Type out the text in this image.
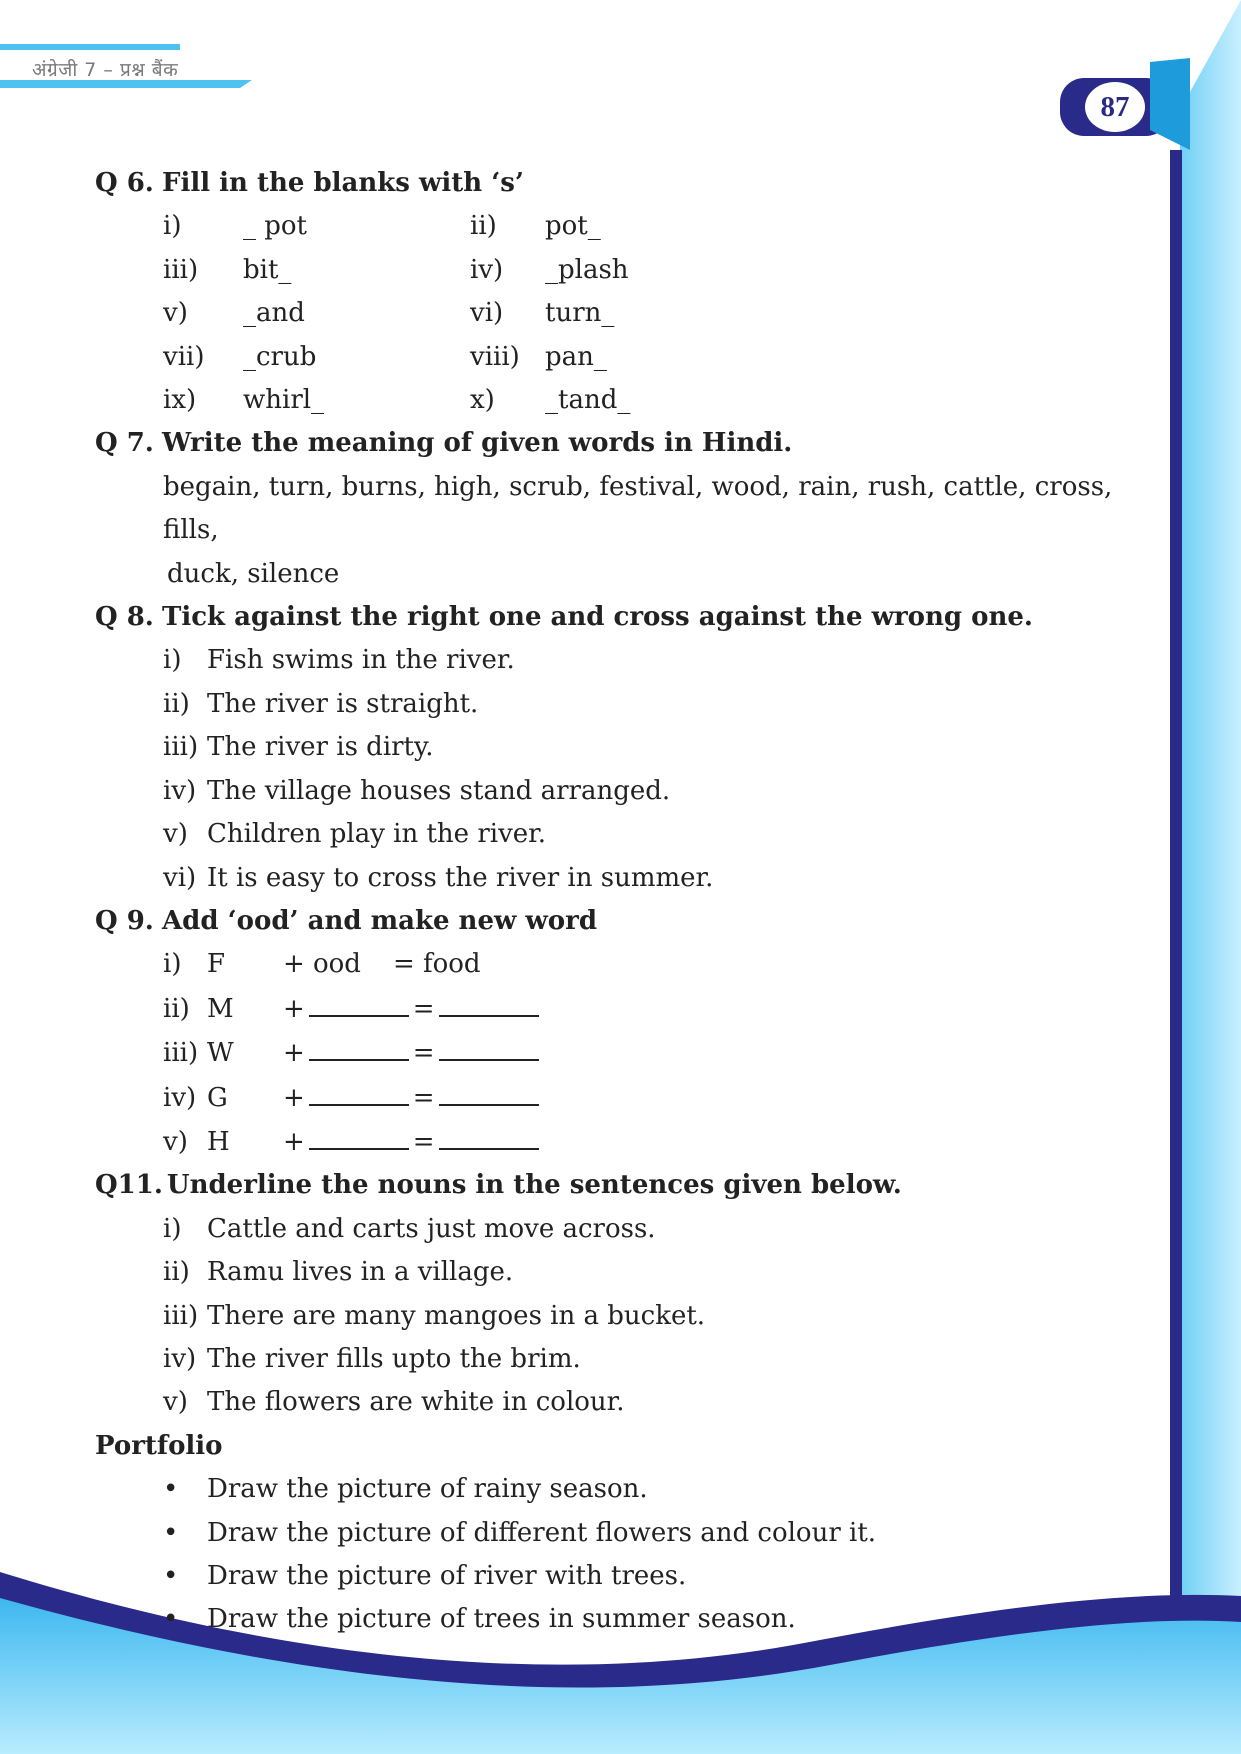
अंग्रेजी 7 – प्रश्न बैंक
87
Q 6. Fill in the blanks with ‘s’
i)	_ pot	ii)	pot_
iii)	bit_	iv)	_plash
v)	_and	vi)	turn_
vii)	_crub	viii) pan_
ix)	whirl_	x)	_tand_
Q 7. Write the meaning of given words in Hindi.
begain, turn, burns, high, scrub, festival, wood, rain, rush, cattle, cross, fills,
duck, silence
Q 8. Tick against the right one and cross against the wrong one.
i) Fish swims in the river.
ii) The river is straight.
iii) The river is dirty.
iv) The village houses stand arranged.
v) Children play in the river.
vi) It is easy to cross the river in summer.
Q 9. Add ‘ood’ and make new word
i) F	+ ood	= food
ii) M	+	=
iii) W	+	=
iv) G	+	=
v) H	+	=
Q11. Underline the nouns in the sentences given below.
i) Cattle and carts just move across.
ii) Ramu lives in a village.
iii) There are many mangoes in a bucket.
iv) The river fills upto the brim.
v) The flowers are white in colour.
Portfolio
•	Draw the picture of rainy season.
•	Draw the picture of different flowers and colour it.
•	Draw the picture of river with trees.
•	Draw the picture of trees in summer season.
